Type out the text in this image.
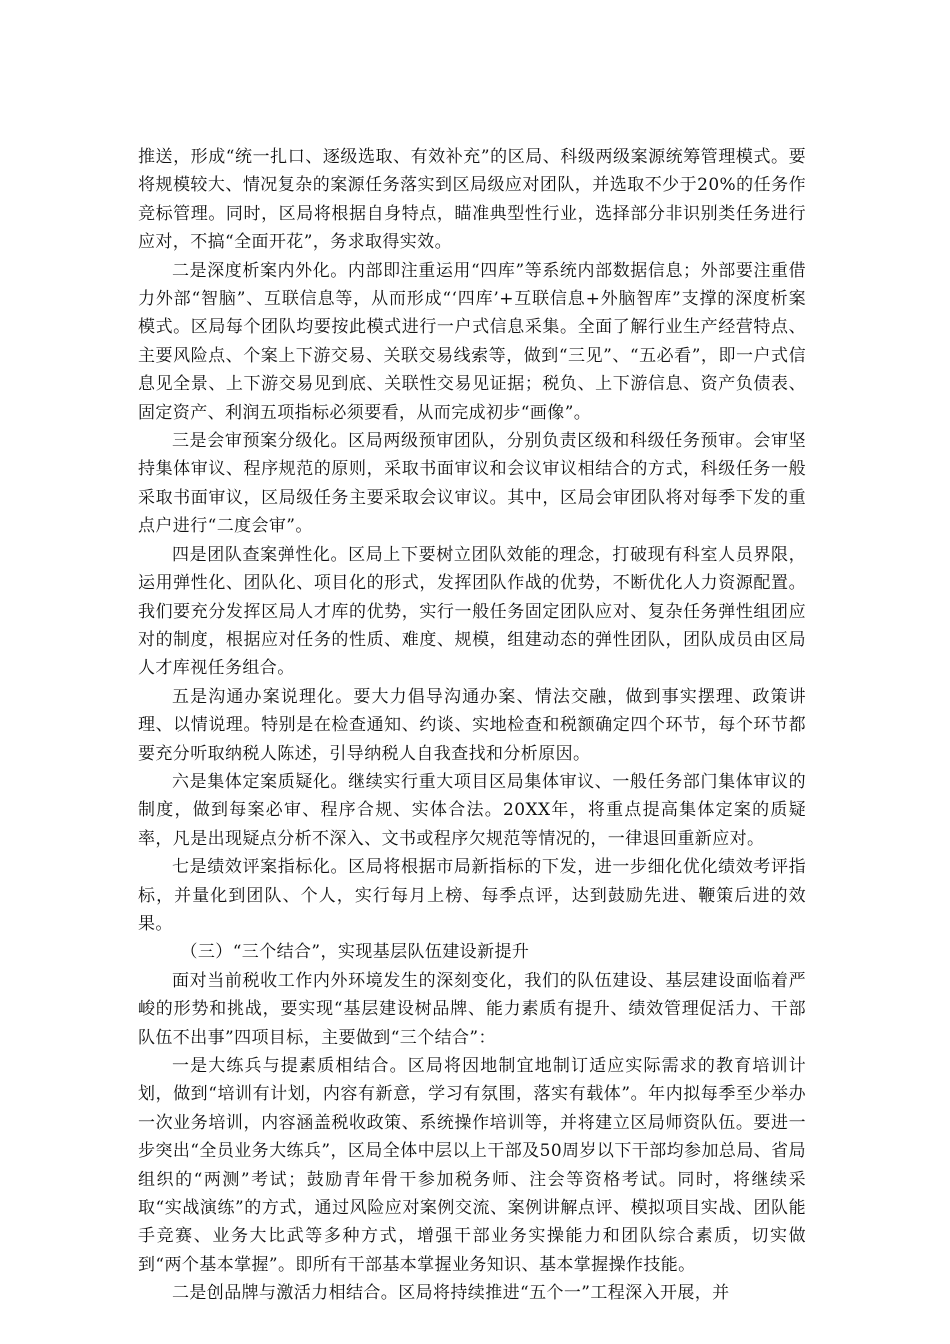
推送，形成“统一扎口、逐级选取、有效补充”的区局、科级两级案源统筹管理模式。要将规模较大、情况复杂的案源任务落实到区局级应对团队，并选取不少于20%的任务作竞标管理。同时，区局将根据自身特点，瞄准典型性行业，选择部分非识别类任务进行应对，不搞“全面开花”，务求取得实效。

二是深度析案内外化。内部即注重运用“四库”等系统内部数据信息；外部要注重借力外部“智脑”、互联信息等，从而形成“‘四库’+互联信息+外脑智库”支撑的深度析案模式。区局每个团队均要按此模式进行一户式信息采集。全面了解行业生产经营特点、主要风险点、个案上下游交易、关联交易线索等，做到“三见”、“五必看”，即一户式信息见全景、上下游交易见到底、关联性交易见证据；税负、上下游信息、资产负债表、固定资产、利润五项指标必须要看，从而完成初步“画像”。

三是会审预案分级化。区局两级预审团队，分别负责区级和科级任务预审。会审坚持集体审议、程序规范的原则，采取书面审议和会议审议相结合的方式，科级任务一般采取书面审议，区局级任务主要采取会议审议。其中，区局会审团队将对每季下发的重点户进行“二度会审”。

四是团队查案弹性化。区局上下要树立团队效能的理念，打破现有科室人员界限，运用弹性化、团队化、项目化的形式，发挥团队作战的优势，不断优化人力资源配置。我们要充分发挥区局人才库的优势，实行一般任务固定团队应对、复杂任务弹性组团应对的制度，根据应对任务的性质、难度、规模，组建动态的弹性团队，团队成员由区局人才库视任务组合。

五是沟通办案说理化。要大力倡导沟通办案、情法交融，做到事实摆理、政策讲理、以情说理。特别是在检查通知、约谈、实地检查和税额确定四个环节，每个环节都要充分听取纳税人陈述，引导纳税人自我查找和分析原因。

六是集体定案质疑化。继续实行重大项目区局集体审议、一般任务部门集体审议的制度，做到每案必审、程序合规、实体合法。20XX年，将重点提高集体定案的质疑率，凡是出现疑点分析不深入、文书或程序欠规范等情况的，一律退回重新应对。

七是绩效评案指标化。区局将根据市局新指标的下发，进一步细化优化绩效考评指标，并量化到团队、个人，实行每月上榜、每季点评，达到鼓励先进、鞭策后进的效果。

（三）“三个结合”，实现基层队伍建设新提升

面对当前税收工作内外环境发生的深刻变化，我们的队伍建设、基层建设面临着严峻的形势和挑战，要实现“基层建设树品牌、能力素质有提升、绩效管理促活力、干部队伍不出事”四项目标，主要做到“三个结合”：

一是大练兵与提素质相结合。区局将因地制宜地制订适应实际需求的教育培训计划，做到“培训有计划，内容有新意，学习有氛围，落实有载体”。年内拟每季至少举办一次业务培训，内容涵盖税收政策、系统操作培训等，并将建立区局师资队伍。要进一步突出“全员业务大练兵”，区局全体中层以上干部及50周岁以下干部均参加总局、省局组织的“两测”考试；鼓励青年骨干参加税务师、注会等资格考试。同时，将继续采取“实战演练”的方式，通过风险应对案例交流、案例讲解点评、模拟项目实战、团队能手竞赛、业务大比武等多种方式，增强干部业务实操能力和团队综合素质，切实做到“两个基本掌握”。即所有干部基本掌握业务知识、基本掌握操作技能。

二是创品牌与激活力相结合。区局将持续推进“五个一”工程深入开展，并
